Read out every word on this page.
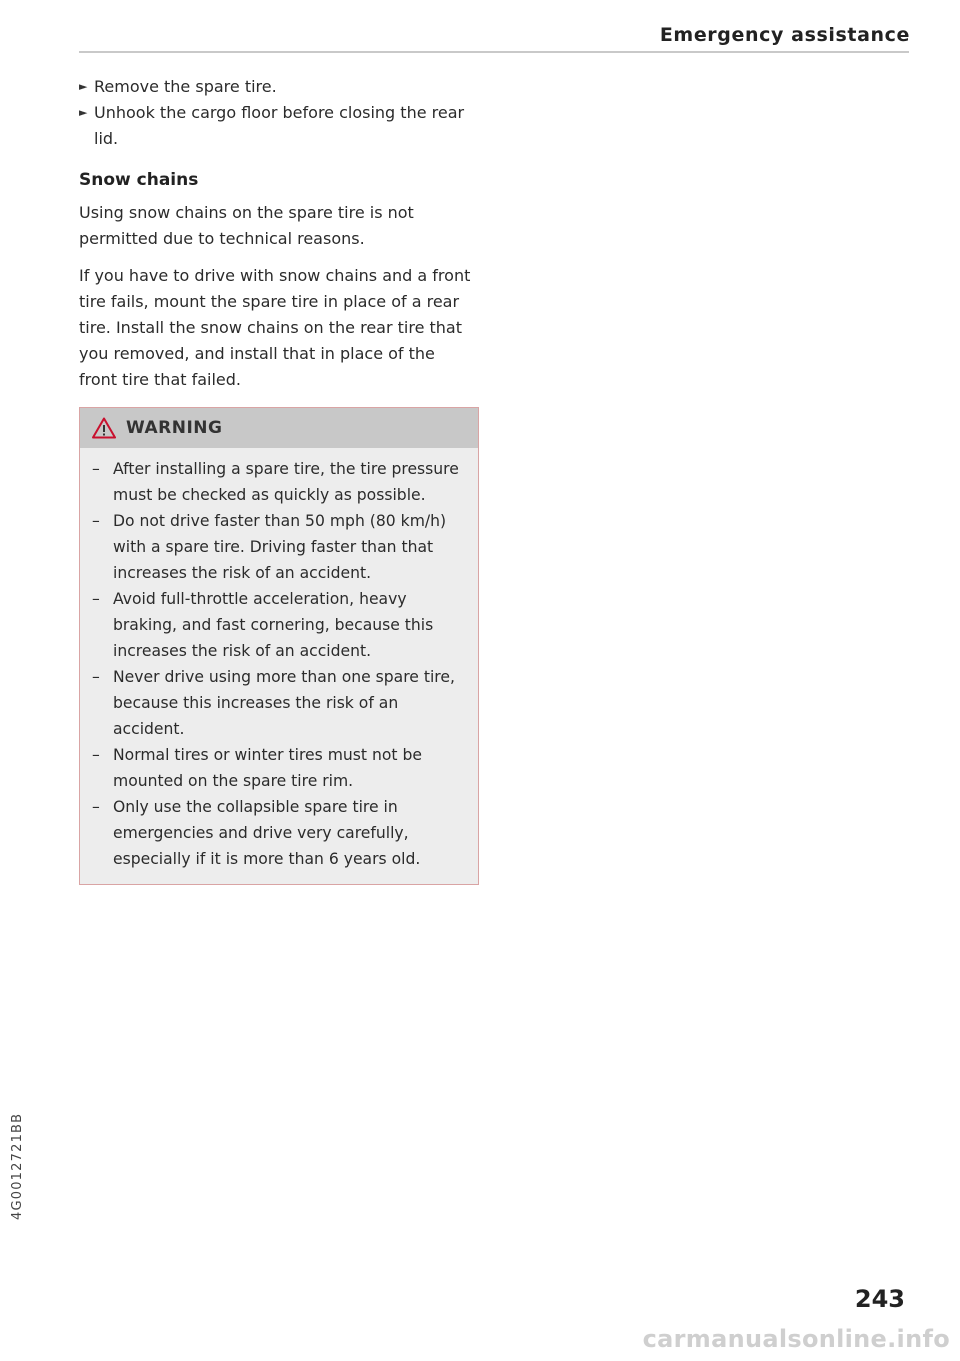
Emergency assistance

► Remove the spare tire.

► Unhook the cargo floor before closing the rear lid.

Snow chains

Using snow chains on the spare tire is not permitted due to technical reasons.

If you have to drive with snow chains and a front tire fails, mount the spare tire in place of a rear tire. Install the snow chains on the rear tire that you removed, and install that in place of the front tire that failed.

WARNING
– After installing a spare tire, the tire pressure must be checked as quickly as possible.
– Do not drive faster than 50 mph (80 km/h) with a spare tire. Driving faster than that increases the risk of an accident.
– Avoid full-throttle acceleration, heavy braking, and fast cornering, because this increases the risk of an accident.
– Never drive using more than one spare tire, because this increases the risk of an accident.
– Normal tires or winter tires must not be mounted on the spare tire rim.
– Only use the collapsible spare tire in emergencies and drive very carefully, especially if it is more than 6 years old.
4G0012721BB
243
carmanualsonline.info
